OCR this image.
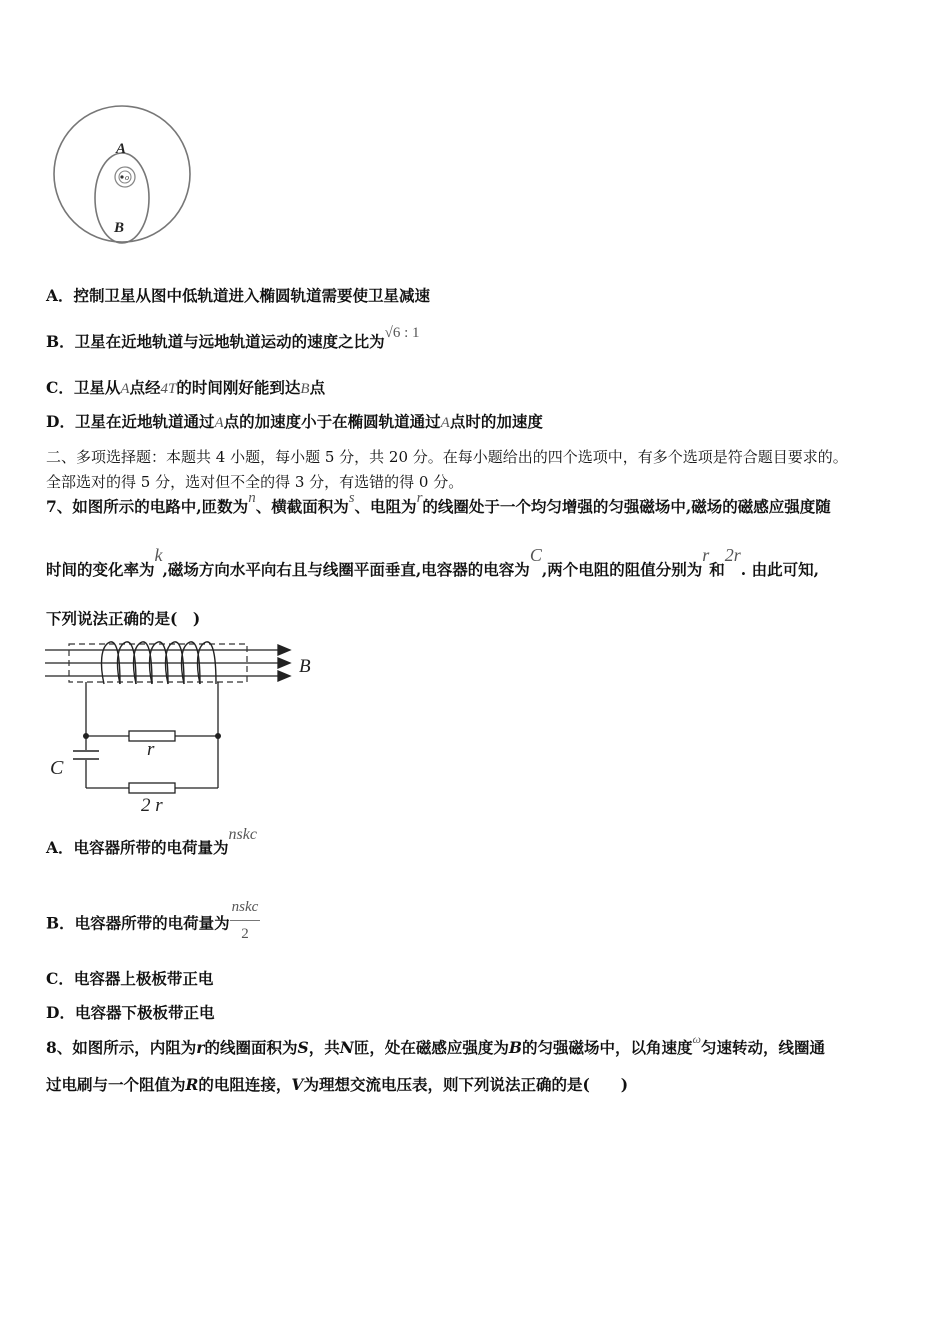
A
o
B
A．控制卫星从图中低轨道进入椭圆轨道需要使卫星减速
B．卫星在近地轨道与远地轨道运动的速度之比为√6 : 1
C．卫星从A点经4T的时间刚好能到达B点
D．卫星在近地轨道通过A点的加速度小于在椭圆轨道通过A点时的加速度
二、多项选择题：本题共 4 小题，每小题 5 分，共 20 分。在每小题给出的四个选项中，有多个选项是符合题目要求的。
全部选对的得 5 分，选对但不全的得 3 分，有选错的得 0 分。
7、如图所示的电路中,匝数为n、横截面积为s、电阻为r的线圈处于一个均匀增强的匀强磁场中,磁场的磁感应强度随
时间的变化率为k,磁场方向水平向右且与线圈平面垂直,电容器的电容为C,两个电阻的阻值分别为r和2r. 由此可知,
下列说法正确的是(　)
B
r
C
2 r
A．电容器所带的电荷量为nskc
B．电容器所带的电荷量为 $\frac{\text{nskc}}{2}$
C．电容器上极板带正电
D．电容器下极板带正电
8、如图所示，内阻为r的线圈面积为S，共N匝，处在磁感应强度为B的匀强磁场中，以角速度$^\omega$匀速转动，线圈通
过电刷与一个阻值为R的电阻连接，V为理想交流电压表，则下列说法正确的是(　　)
